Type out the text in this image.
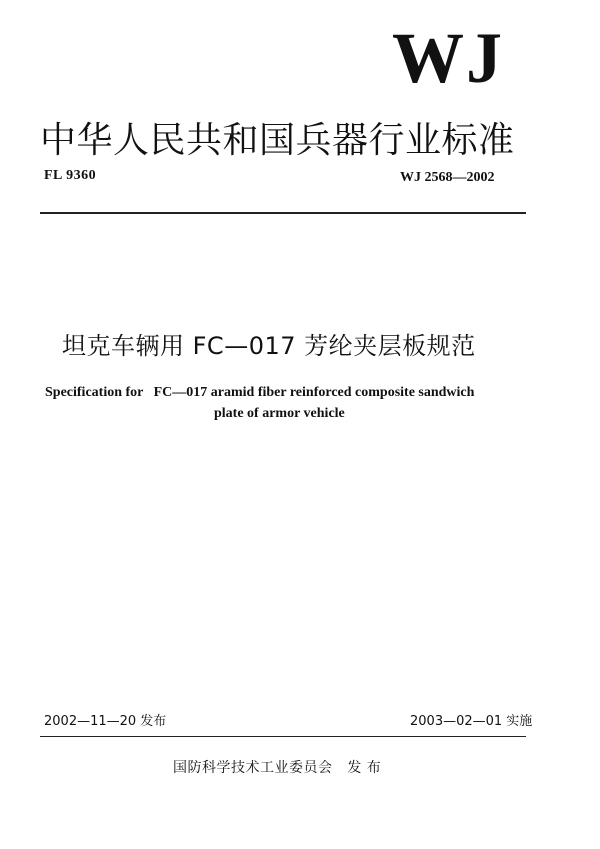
WJ
中华人民共和国兵器行业标准
FL 9360	WJ 2568—2002
坦克车辆用 FC—017 芳纶夹层板规范
Specification for   FC—017 aramid fiber reinforced composite sandwich
plate of armor vehicle
2002—11—20 发布	2003—02—01 实施
国防科学技术工业委员会   发 布
